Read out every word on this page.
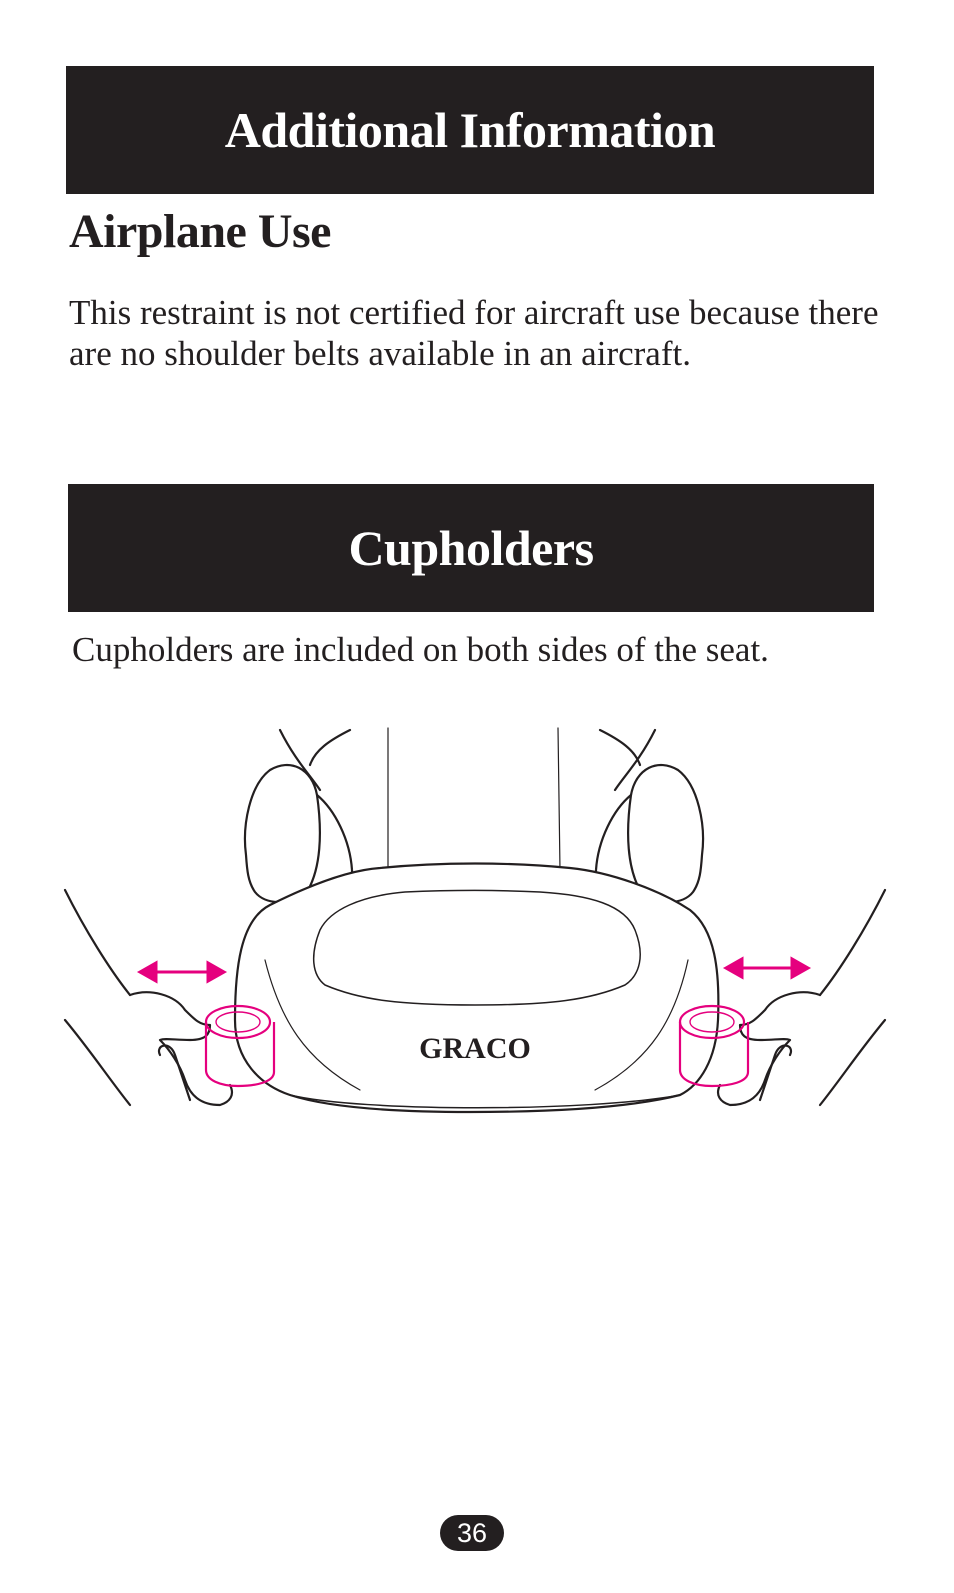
Additional Information
Airplane Use

This restraint is not certified for aircraft use because there are no shoulder belts available in an aircraft.

Cupholders

Cupholders are included on both sides of the seat.

GRACO
36
